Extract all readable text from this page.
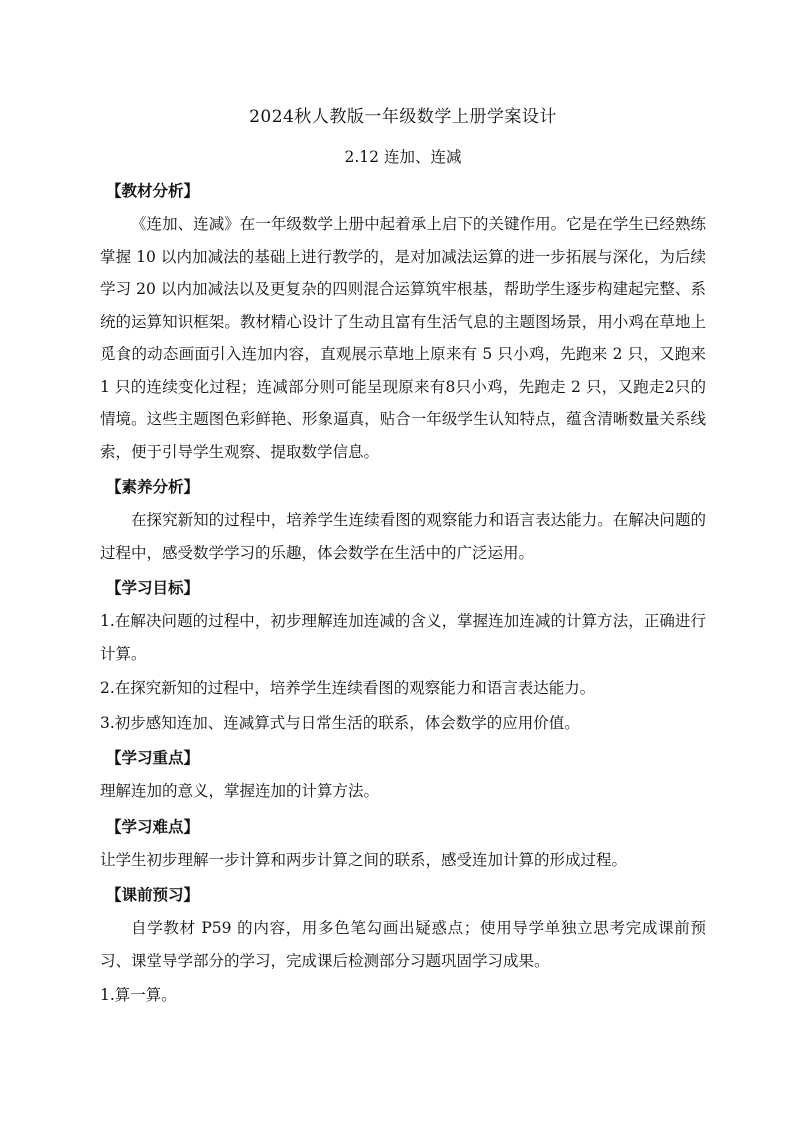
2024秋人教版一年级数学上册学案设计
2.12 连加、连减
【教材分析】

《连加、连减》在一年级数学上册中起着承上启下的关键作用。它是在学生已经熟练掌握 10 以内加减法的基础上进行教学的，是对加减法运算的进一步拓展与深化，为后续学习 20 以内加减法以及更复杂的四则混合运算筑牢根基，帮助学生逐步构建起完整、系统的运算知识框架。教材精心设计了生动且富有生活气息的主题图场景，用小鸡在草地上觅食的动态画面引入连加内容，直观展示草地上原来有 5 只小鸡，先跑来 2 只，又跑来 1 只的连续变化过程；连减部分则可能呈现原来有8只小鸡，先跑走 2 只，又跑走2只的情境。这些主题图色彩鲜艳、形象逼真，贴合一年级学生认知特点，蕴含清晰数量关系线索，便于引导学生观察、提取数学信息。

【素养分析】

在探究新知的过程中，培养学生连续看图的观察能力和语言表达能力。在解决问题的过程中，感受数学学习的乐趣，体会数学在生活中的广泛运用。

【学习目标】

1.在解决问题的过程中，初步理解连加连减的含义，掌握连加连减的计算方法，正确进行计算。

2.在探究新知的过程中，培养学生连续看图的观察能力和语言表达能力。

3.初步感知连加、连减算式与日常生活的联系，体会数学的应用价值。

【学习重点】

理解连加的意义，掌握连加的计算方法。

【学习难点】

让学生初步理解一步计算和两步计算之间的联系，感受连加计算的形成过程。

【课前预习】

自学教材 P59 的内容，用多色笔勾画出疑惑点；使用导学单独立思考完成课前预习、课堂导学部分的学习，完成课后检测部分习题巩固学习成果。

1.算一算。
